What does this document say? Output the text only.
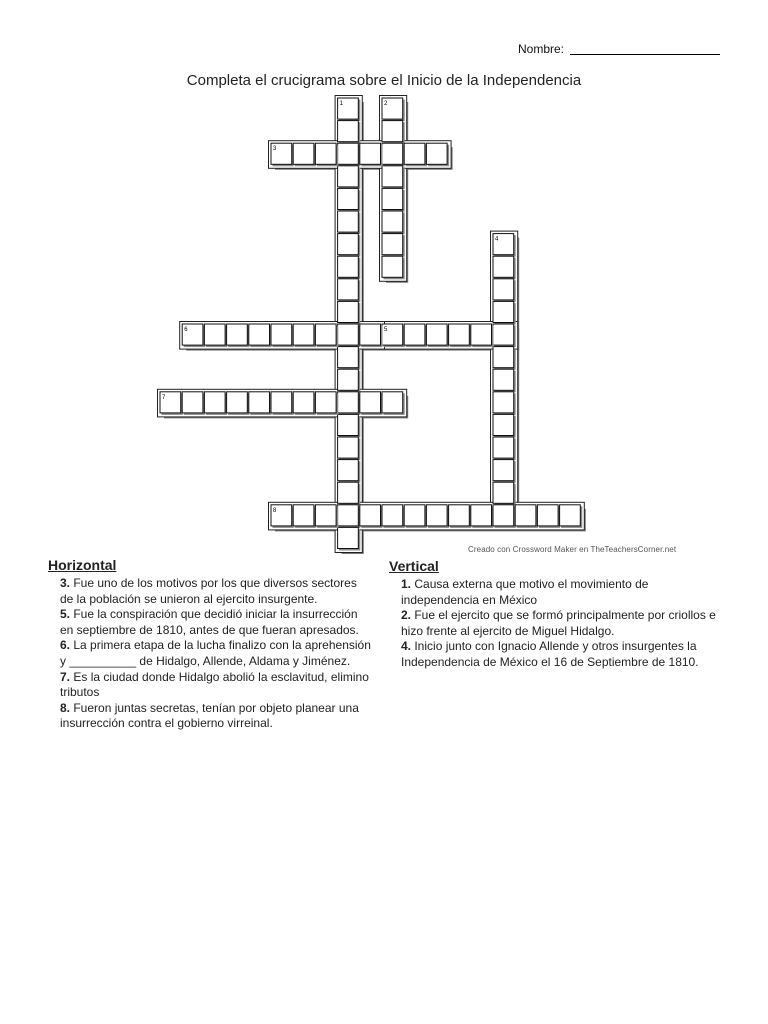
Nombre:
Completa el crucigrama sobre el Inicio de la Independencia
1	2
3
4
5
6
7
8
Creado con Crossword Maker en TheTeachersCorner.net
Horizontal
3. Fue uno de los motivos por los que diversos sectores de la población se unieron al ejercito insurgente.
5. Fue la conspiración que decidió iniciar la insurrección en septiembre de 1810, antes de que fueran apresados.
6. La primera etapa de la lucha finalizo con la aprehensión y __________ de Hidalgo, Allende, Aldama y Jiménez.
7. Es la ciudad donde Hidalgo abolió la esclavitud, elimino tributos
8. Fueron juntas secretas, tenían por objeto planear una insurrección contra el gobierno virreinal.
Vertical
1. Causa externa que motivo el movimiento de independencia en México
2. Fue el ejercito que se formó principalmente por criollos e hizo frente al ejercito de Miguel Hidalgo.
4. Inicio junto con Ignacio Allende y otros insurgentes la Independencia de México el 16 de Septiembre de 1810.
